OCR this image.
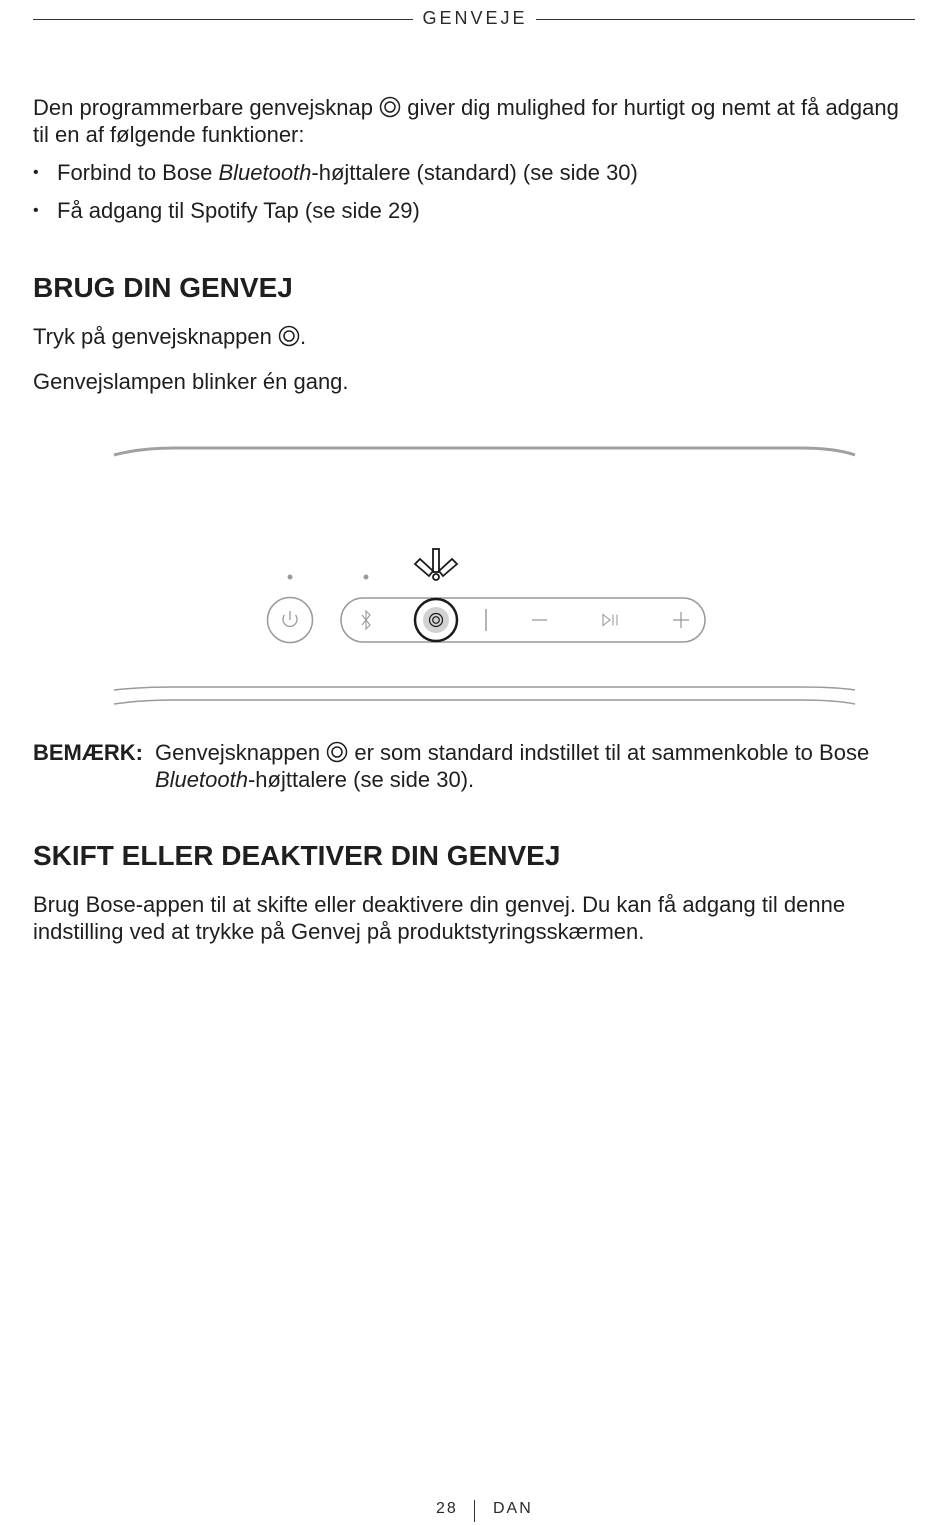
GENVEJE

Den programmerbare genvejsknap giver dig mulighed for hurtigt og nemt at få adgang til en af følgende funktioner:

• Forbind to Bose Bluetooth-højttalere (standard) (se side 30)
• Få adgang til Spotify Tap (se side 29)
BRUG DIN GENVEJ

Tryk på genvejsknappen .

Genvejslampen blinker én gang.

BEMÆRK: Genvejsknappen er som standard indstillet til at sammenkoble to Bose Bluetooth-højttalere (se side 30).

SKIFT ELLER DEAKTIVER DIN GENVEJ

Brug Bose-appen til at skifte eller deaktivere din genvej. Du kan få adgang til denne indstilling ved at trykke på Genvej på produktstyringsskærmen.

28 DAN
